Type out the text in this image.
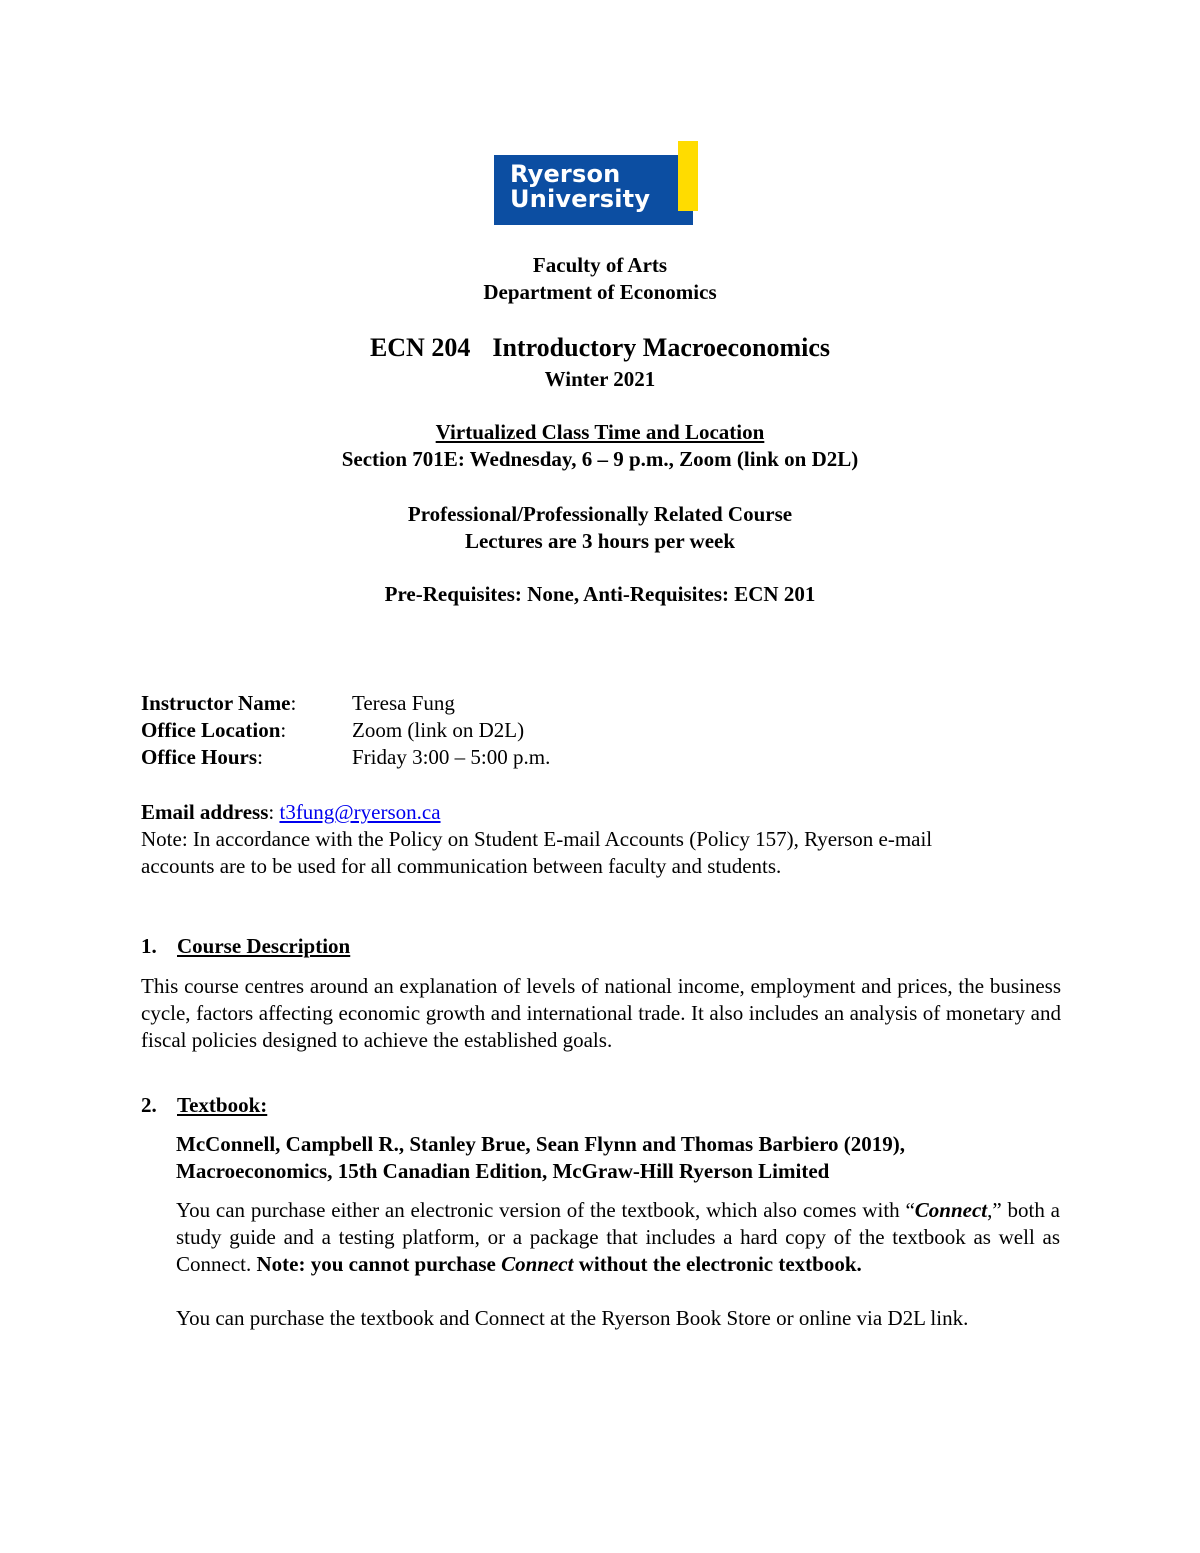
Ryerson
University
Faculty of Arts
Department of Economics
ECN 204 Introductory Macroeconomics
Winter 2021
Virtualized Class Time and Location
Section 701E: Wednesday, 6 – 9 p.m., Zoom (link on D2L)
Professional/Professionally Related Course
Lectures are 3 hours per week
Pre-Requisites: None, Anti-Requisites: ECN 201
Instructor Name:	Teresa Fung
Office Location:	Zoom (link on D2L)
Office Hours:	Friday 3:00 – 5:00 p.m.
Email address: t3fung@ryerson.ca
Note: In accordance with the Policy on Student E-mail Accounts (Policy 157), Ryerson e-mail
accounts are to be used for all communication between faculty and students.
1. Course Description
This course centres around an explanation of levels of national income, employment and prices, the business cycle, factors affecting economic growth and international trade. It also includes an analysis of monetary and fiscal policies designed to achieve the established goals.
2. Textbook:
McConnell, Campbell R., Stanley Brue, Sean Flynn and Thomas Barbiero (2019),
Macroeconomics, 15th Canadian Edition, McGraw-Hill Ryerson Limited
You can purchase either an electronic version of the textbook, which also comes with “Connect,” both a study guide and a testing platform, or a package that includes a hard copy of the textbook as well as Connect. Note: you cannot purchase Connect without the electronic textbook.
You can purchase the textbook and Connect at the Ryerson Book Store or online via D2L link.
